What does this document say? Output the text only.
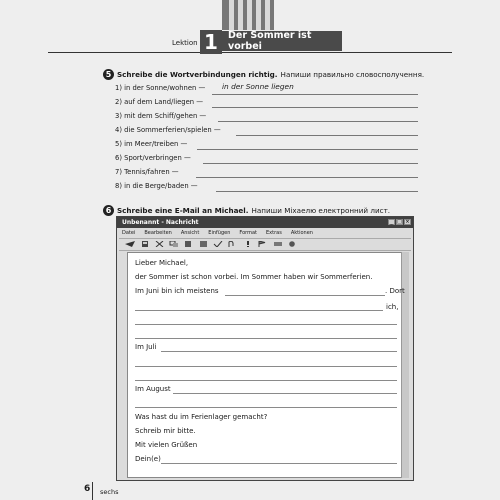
Lektion 1	Der Sommer ist vorbei
5 Schreibe die Wortverbindungen richtig. Напиши правильно словосполучення.
1) in der Sonne/wohnen — in der Sonne liegen
2) auf dem Land/liegen —
3) mit dem Schiff/gehen —
4) die Sommerferien/spielen —
5) im Meer/treiben —
6) Sport/verbringen —
7) Tennis/fahren —
8) in die Berge/baden —
6 Schreibe eine E-Mail an Michael. Напиши Міхаелю електронний лист.
Unbenannt - Nachricht	_ □ ×
Datei Bearbeiten Ansicht Einfügen Format Extras Aktionen
Lieber Michael,
der Sommer ist schon vorbei. Im Sommer haben wir Sommerferien.
Im Juni bin ich meistens	. Dort
ich,
Im Juli
Im August
Was hast du im Ferienlager gemacht?
Schreib mir bitte.
Mit vielen Grüßen
Dein(e)
6 sechs
